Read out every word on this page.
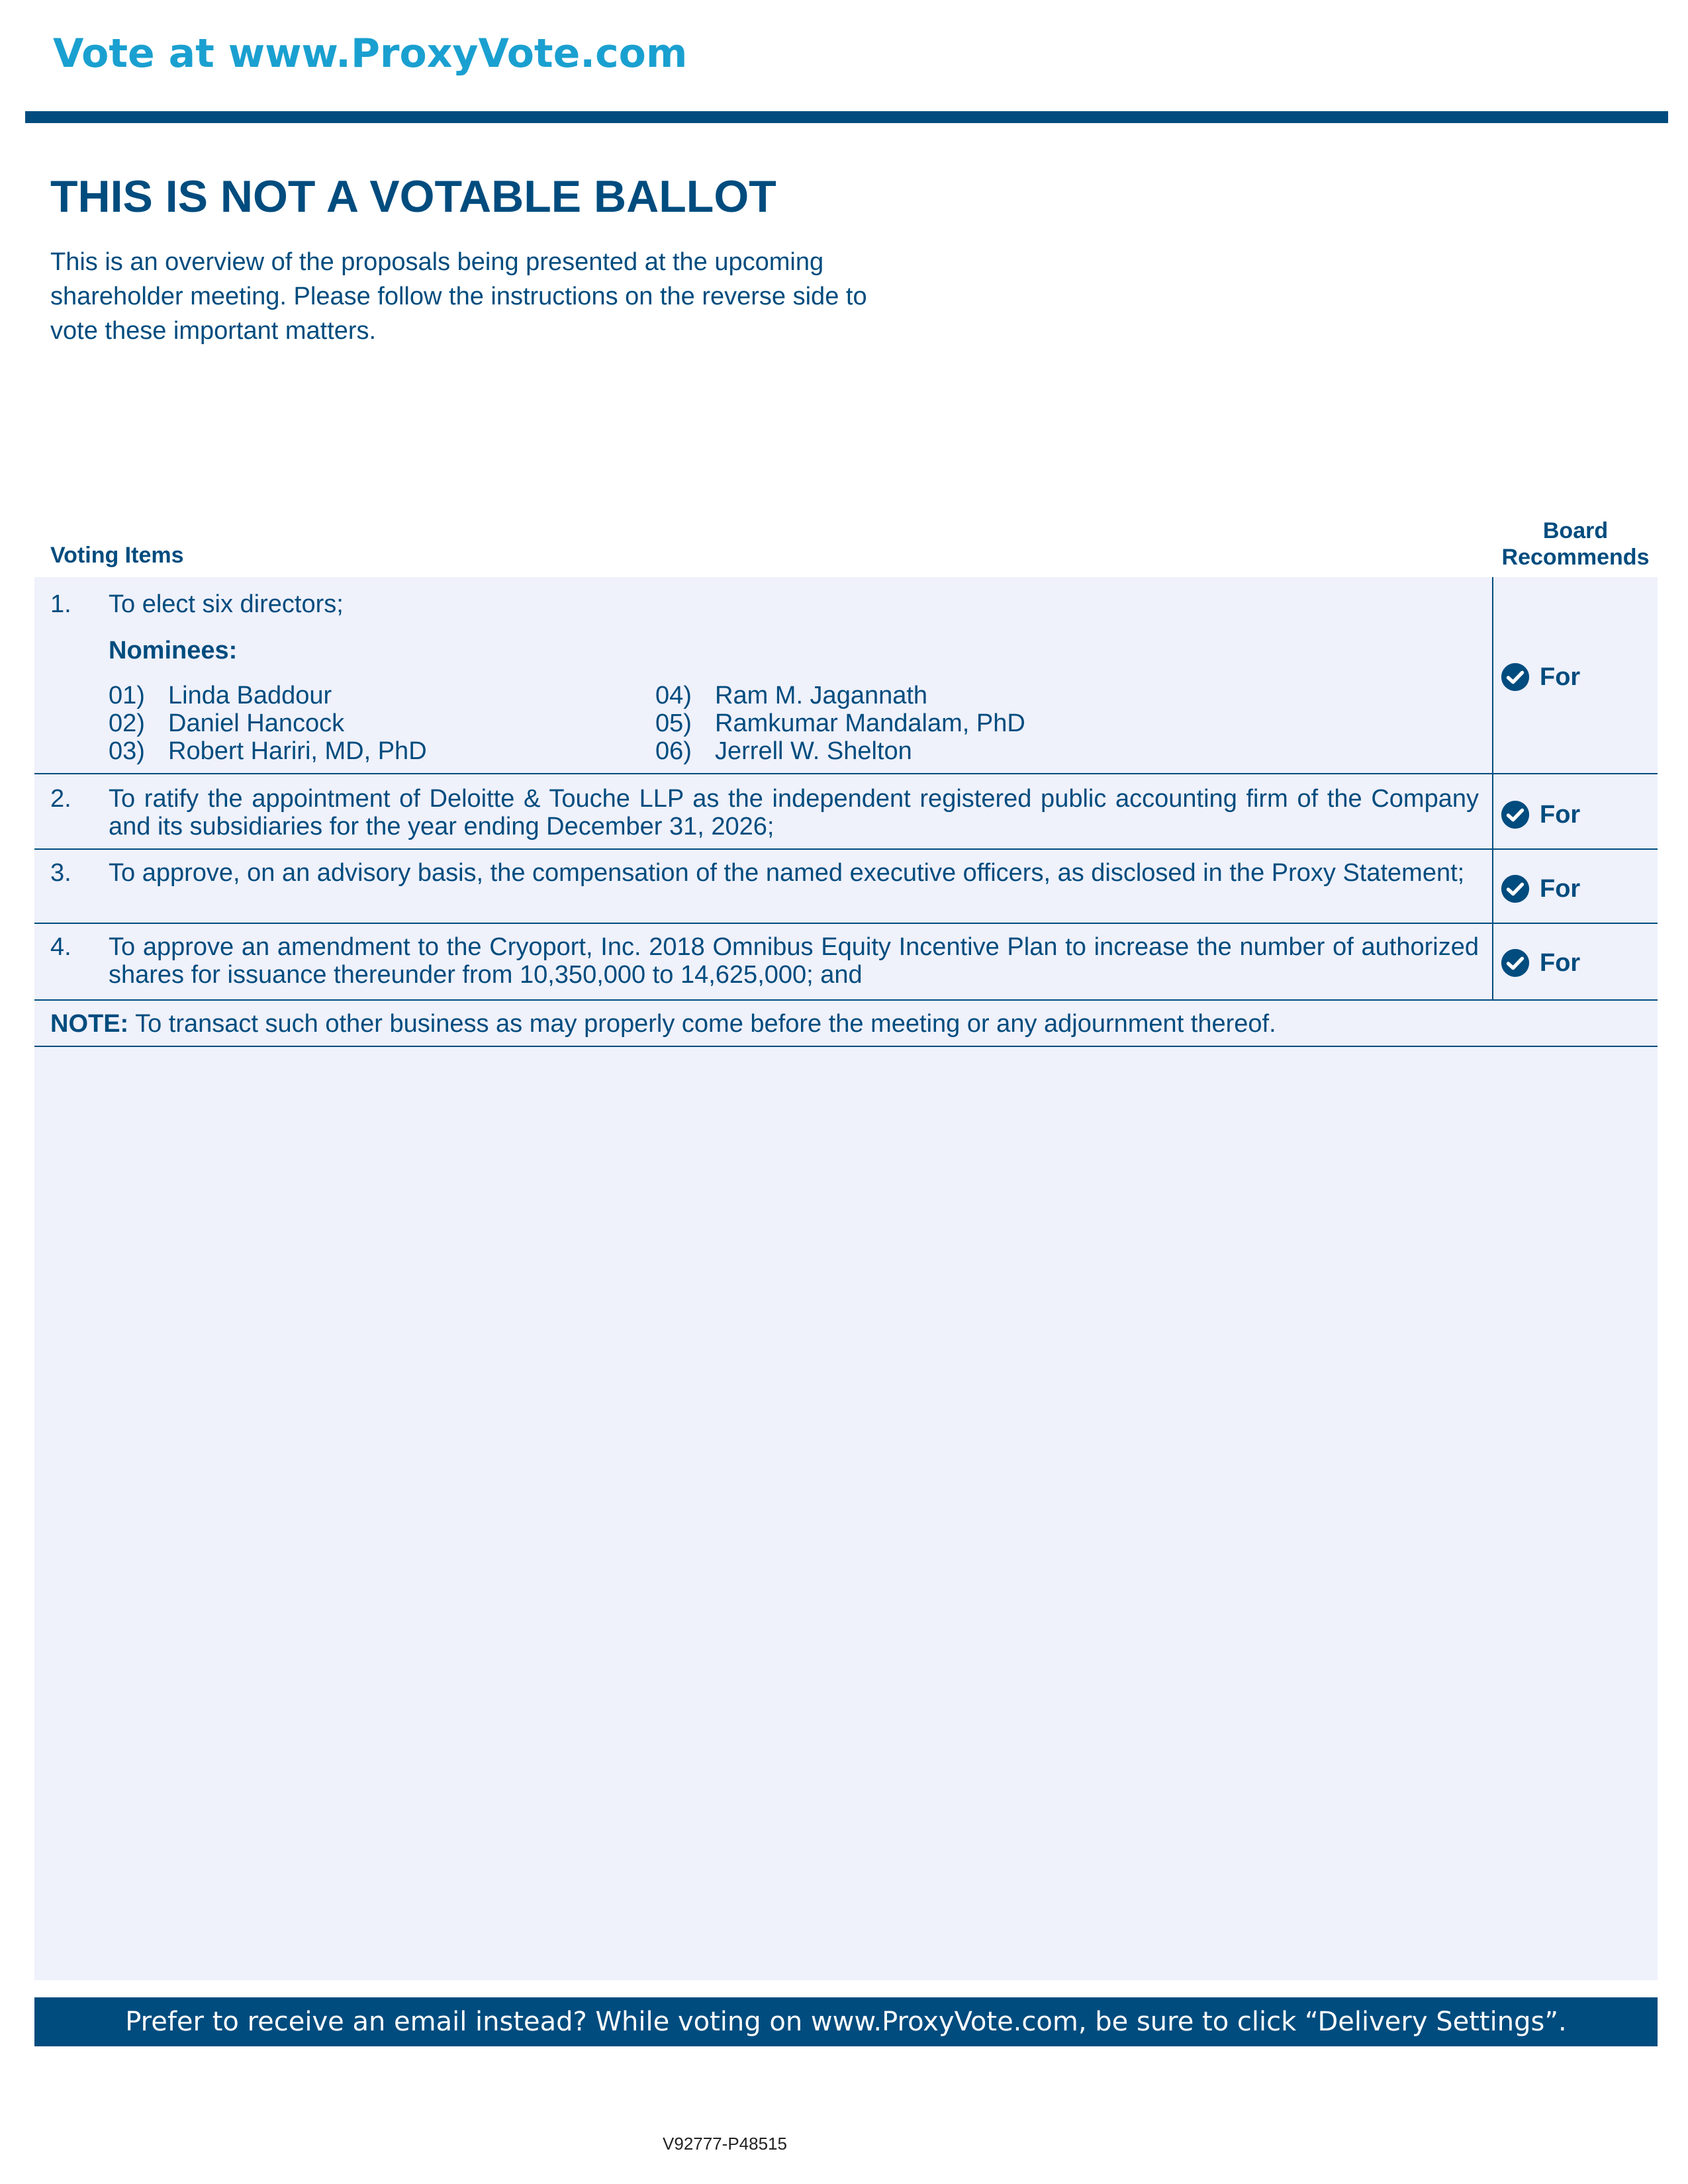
Vote at www.ProxyVote.com
THIS IS NOT A VOTABLE BALLOT
This is an overview of the proposals being presented at the upcoming shareholder meeting. Please follow the instructions on the reverse side to vote these important matters.
Voting Items
Board
Recommends
1. To elect six directors;
Nominees:
01) Linda Baddour
02) Daniel Hancock
03) Robert Hariri, MD, PhD
04) Ram M. Jagannath
05) Ramkumar Mandalam, PhD
06) Jerrell W. Shelton
For
2. To ratify the appointment of Deloitte & Touche LLP as the independent registered public accounting firm of the Company and its subsidiaries for the year ending December 31, 2026;	For
3. To approve, on an advisory basis, the compensation of the named executive officers, as disclosed in the Proxy Statement;
For
4. To approve an amendment to the Cryoport, Inc. 2018 Omnibus Equity Incentive Plan to increase the number of authorized shares for issuance thereunder from 10,350,000 to 14,625,000; and	For
NOTE: To transact such other business as may properly come before the meeting or any adjournment thereof.
Prefer to receive an email instead? While voting on www.ProxyVote.com, be sure to click “Delivery Settings”.
V92777-P48515
